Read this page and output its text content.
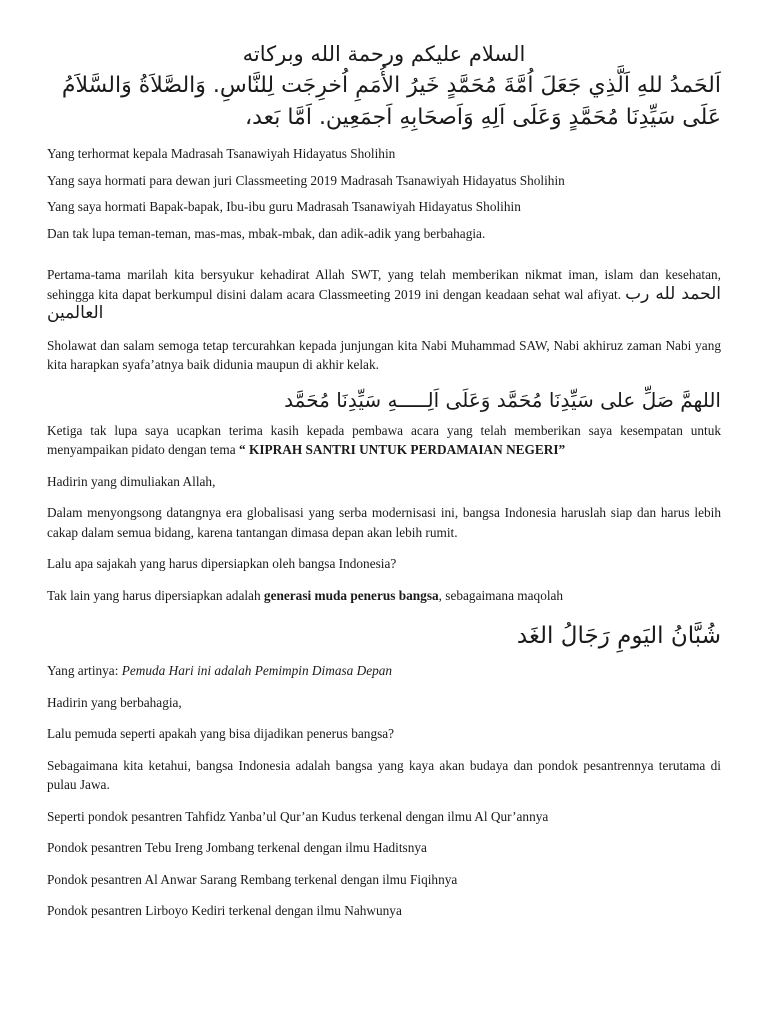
السلام عليكم ورحمة الله وبركاته
اَلحَمدُ للهِ اَلَّذِي جَعَلَ اُمَّةَ مُحَمَّدٍ خَيرُ الأُمَمِ اُخرِجَت لِلنَّاسِ. وَالصَّلاَةُ وَالسَّلاَمُ عَلَى سَيِّدِنَا مُحَمَّدٍ وَعَلَى اَلِهِ وَاَصحَابِهِ اَجمَعِين. اَمَّا بَعد،

Yang terhormat kepala Madrasah Tsanawiyah Hidayatus Sholihin

Yang saya hormati para dewan juri Classmeeting 2019 Madrasah Tsanawiyah Hidayatus Sholihin

Yang saya hormati Bapak-bapak, Ibu-ibu guru Madrasah Tsanawiyah Hidayatus Sholihin

Dan tak lupa teman-teman, mas-mas, mbak-mbak, dan adik-adik yang berbahagia.

Pertama-tama marilah kita bersyukur kehadirat Allah SWT, yang telah memberikan nikmat iman, islam dan kesehatan, sehingga kita dapat berkumpul disini dalam acara Classmeeting 2019 ini dengan keadaan sehat wal afiyat. الحمد لله رب العالمين

Sholawat dan salam semoga tetap tercurahkan kepada junjungan kita Nabi Muhammad SAW, Nabi akhiruz zaman Nabi yang kita harapkan syafa’atnya baik didunia maupun di akhir kelak.

اللهمَّ صَلِّ على سَيِّدِنَا مُحَمَّد وَعَلَى اَلِـــــهِ سَيِّدِنَا مُحَمَّد

Ketiga tak lupa saya ucapkan terima kasih kepada pembawa acara yang telah memberikan saya kesempatan untuk menyampaikan pidato dengan tema “ KIPRAH SANTRI UNTUK PERDAMAIAN NEGERI”

Hadirin yang dimuliakan Allah,

Dalam menyongsong datangnya era globalisasi yang serba modernisasi ini, bangsa Indonesia haruslah siap dan harus lebih cakap dalam semua bidang, karena tantangan dimasa depan akan lebih rumit.

Lalu apa sajakah yang harus dipersiapkan oleh bangsa Indonesia?

Tak lain yang harus dipersiapkan adalah generasi muda penerus bangsa, sebagaimana maqolah

شُبَّانُ اليَومِ رَجَالُ الغَد

Yang artinya: Pemuda Hari ini adalah Pemimpin Dimasa Depan

Hadirin yang berbahagia,

Lalu pemuda seperti apakah yang bisa dijadikan penerus bangsa?

Sebagaimana kita ketahui, bangsa Indonesia adalah bangsa yang kaya akan budaya dan pondok pesantrennya terutama di pulau Jawa.

Seperti pondok pesantren Tahfidz Yanba’ul Qur’an Kudus terkenal dengan ilmu Al Qur’annya

Pondok pesantren Tebu Ireng Jombang terkenal dengan ilmu Haditsnya

Pondok pesantren Al Anwar Sarang Rembang terkenal dengan ilmu Fiqihnya

Pondok pesantren Lirboyo Kediri terkenal dengan ilmu Nahwunya
